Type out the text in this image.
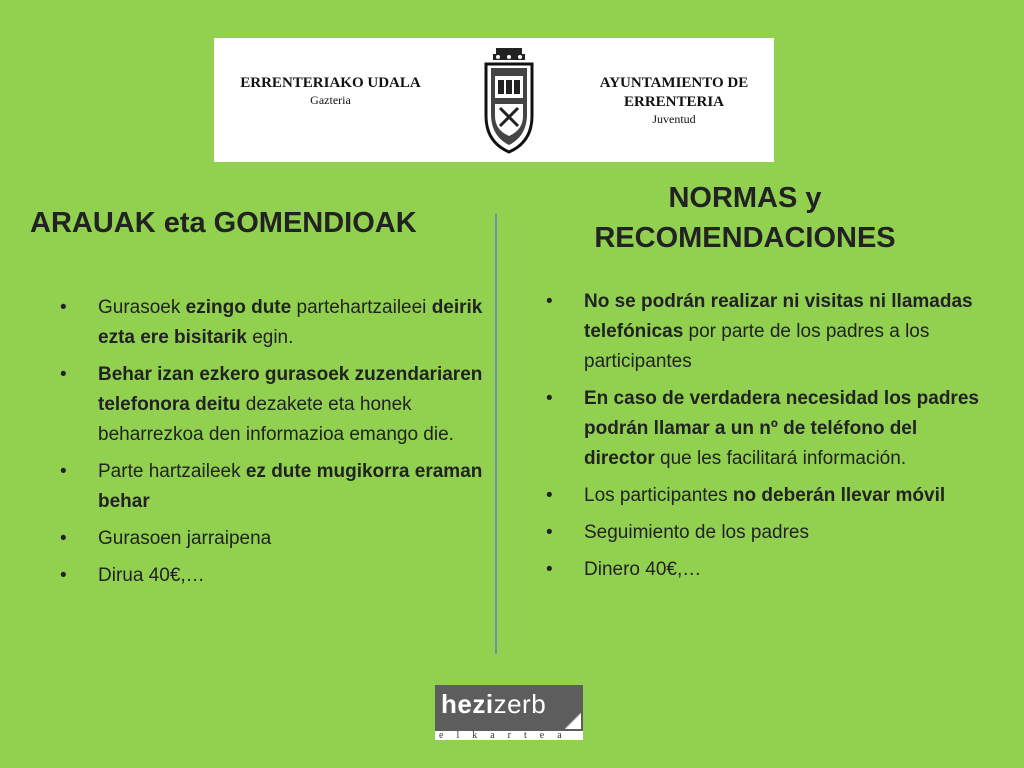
ERRENTERIAKO UDALA
Gazteria
AYUNTAMIENTO DE
ERRENTERIA
Juventud
ARAUAK eta GOMENDIOAK
NORMAS y
RECOMENDACIONES
• Gurasoek ezingo dute partehartzaileei deirik ezta ere bisitarik egin.
• Behar izan ezkero gurasoek zuzendariaren telefonora deitu dezakete eta honek beharrezkoa den informazioa emango die.
• Parte hartzaileek ez dute mugikorra eraman behar
• Gurasoen jarraipena
• Dirua 40€,…
• No se podrán realizar ni visitas ni llamadas telefónicas por parte de los padres a los participantes
• En caso de verdadera necesidad los padres podrán llamar a un nº de teléfono del director que les facilitará información.
• Los participantes no deberán llevar móvil
• Seguimiento de los padres
• Dinero 40€,…
hezizerb
elkartea
